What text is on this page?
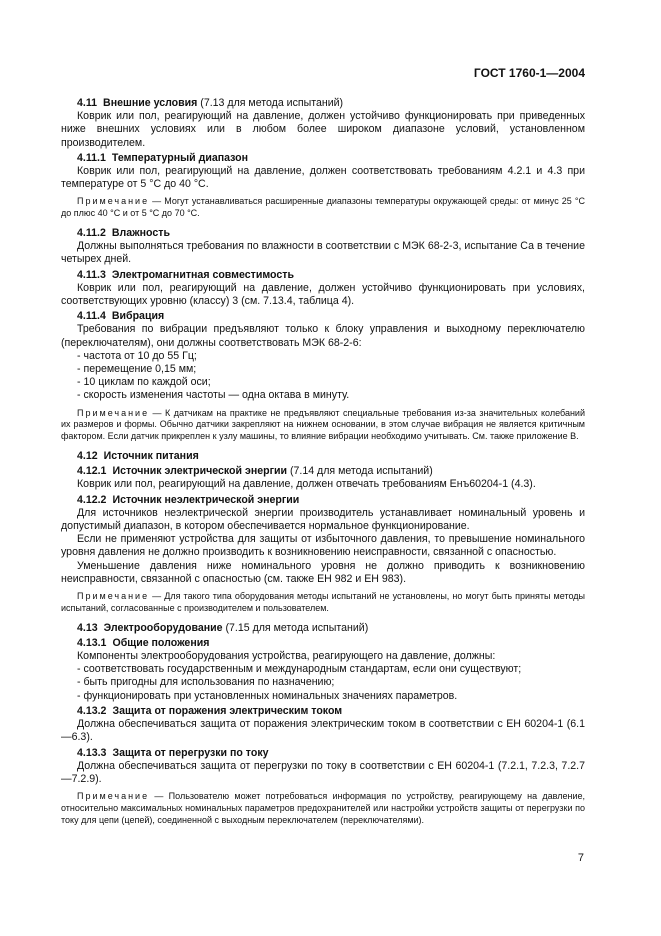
ГОСТ 1760-1—2004
4.11 Внешние условия (7.13 для метода испытаний)
Коврик или пол, реагирующий на давление, должен устойчиво функционировать при приведенных ниже внешних условиях или в любом более широком диапазоне условий, установленном производителем.
4.11.1 Температурный диапазон
Коврик или пол, реагирующий на давление, должен соответствовать требованиям 4.2.1 и 4.3 при температуре от 5 °С до 40 °С.
Примечание — Могут устанавливаться расширенные диапазоны температуры окружающей среды: от минус 25 °С до плюс 40 °С и от 5 °С до 70 °С.
4.11.2 Влажность
Должны выполняться требования по влажности в соответствии с МЭК 68-2-3, испытание Са в течение четырех дней.
4.11.3 Электромагнитная совместимость
Коврик или пол, реагирующий на давление, должен устойчиво функционировать при условиях, соответствующих уровню (классу) 3 (см. 7.13.4, таблица 4).
4.11.4 Вибрация
Требования по вибрации предъявляют только к блоку управления и выходному переключателю (переключателям), они должны соответствовать МЭК 68-2-6:
- частота от 10 до 55 Гц;
- перемещение 0,15 мм;
- 10 циклам по каждой оси;
- скорость изменения частоты — одна октава в минуту.
Примечание — К датчикам на практике не предъявляют специальные требования из-за значительных колебаний их размеров и формы. Обычно датчики закрепляют на нижнем основании, в этом случае вибрация не является критичным фактором. Если датчик прикреплен к узлу машины, то влияние вибрации необходимо учитывать. См. также приложение В.
4.12 Источник питания
4.12.1 Источник электрической энергии (7.14 для метода испытаний)
Коврик или пол, реагирующий на давление, должен отвечать требованиям Енъ60204-1 (4.3).
4.12.2 Источник неэлектрической энергии
Для источников неэлектрической энергии производитель устанавливает номинальный уровень и допустимый диапазон, в котором обеспечивается нормальное функционирование.
Если не применяют устройства для защиты от избыточного давления, то превышение номинального уровня давления не должно производить к возникновению неисправности, связанной с опасностью.
Уменьшение давления ниже номинального уровня не должно приводить к возникновению неисправности, связанной с опасностью (см. также ЕН 982 и ЕН 983).
Примечание — Для такого типа оборудования методы испытаний не установлены, но могут быть приняты методы испытаний, согласованные с производителем и пользователем.
4.13 Электрооборудование (7.15 для метода испытаний)
4.13.1 Общие положения
Компоненты электрооборудования устройства, реагирующего на давление, должны:
- соответствовать государственным и международным стандартам, если они существуют;
- быть пригодны для использования по назначению;
- функционировать при установленных номинальных значениях параметров.
4.13.2 Защита от поражения электрическим током
Должна обеспечиваться защита от поражения электрическим током в соответствии с ЕН 60204-1 (6.1—6.3).
4.13.3 Защита от перегрузки по току
Должна обеспечиваться защита от перегрузки по току в соответствии с ЕН 60204-1 (7.2.1, 7.2.3, 7.2.7—7.2.9).
Примечание — Пользователю может потребоваться информация по устройству, реагирующему на давление, относительно максимальных номинальных параметров предохранителей или настройки устройств защиты от перегрузки по току для цепи (цепей), соединенной с выходным переключателем (переключателями).
7
